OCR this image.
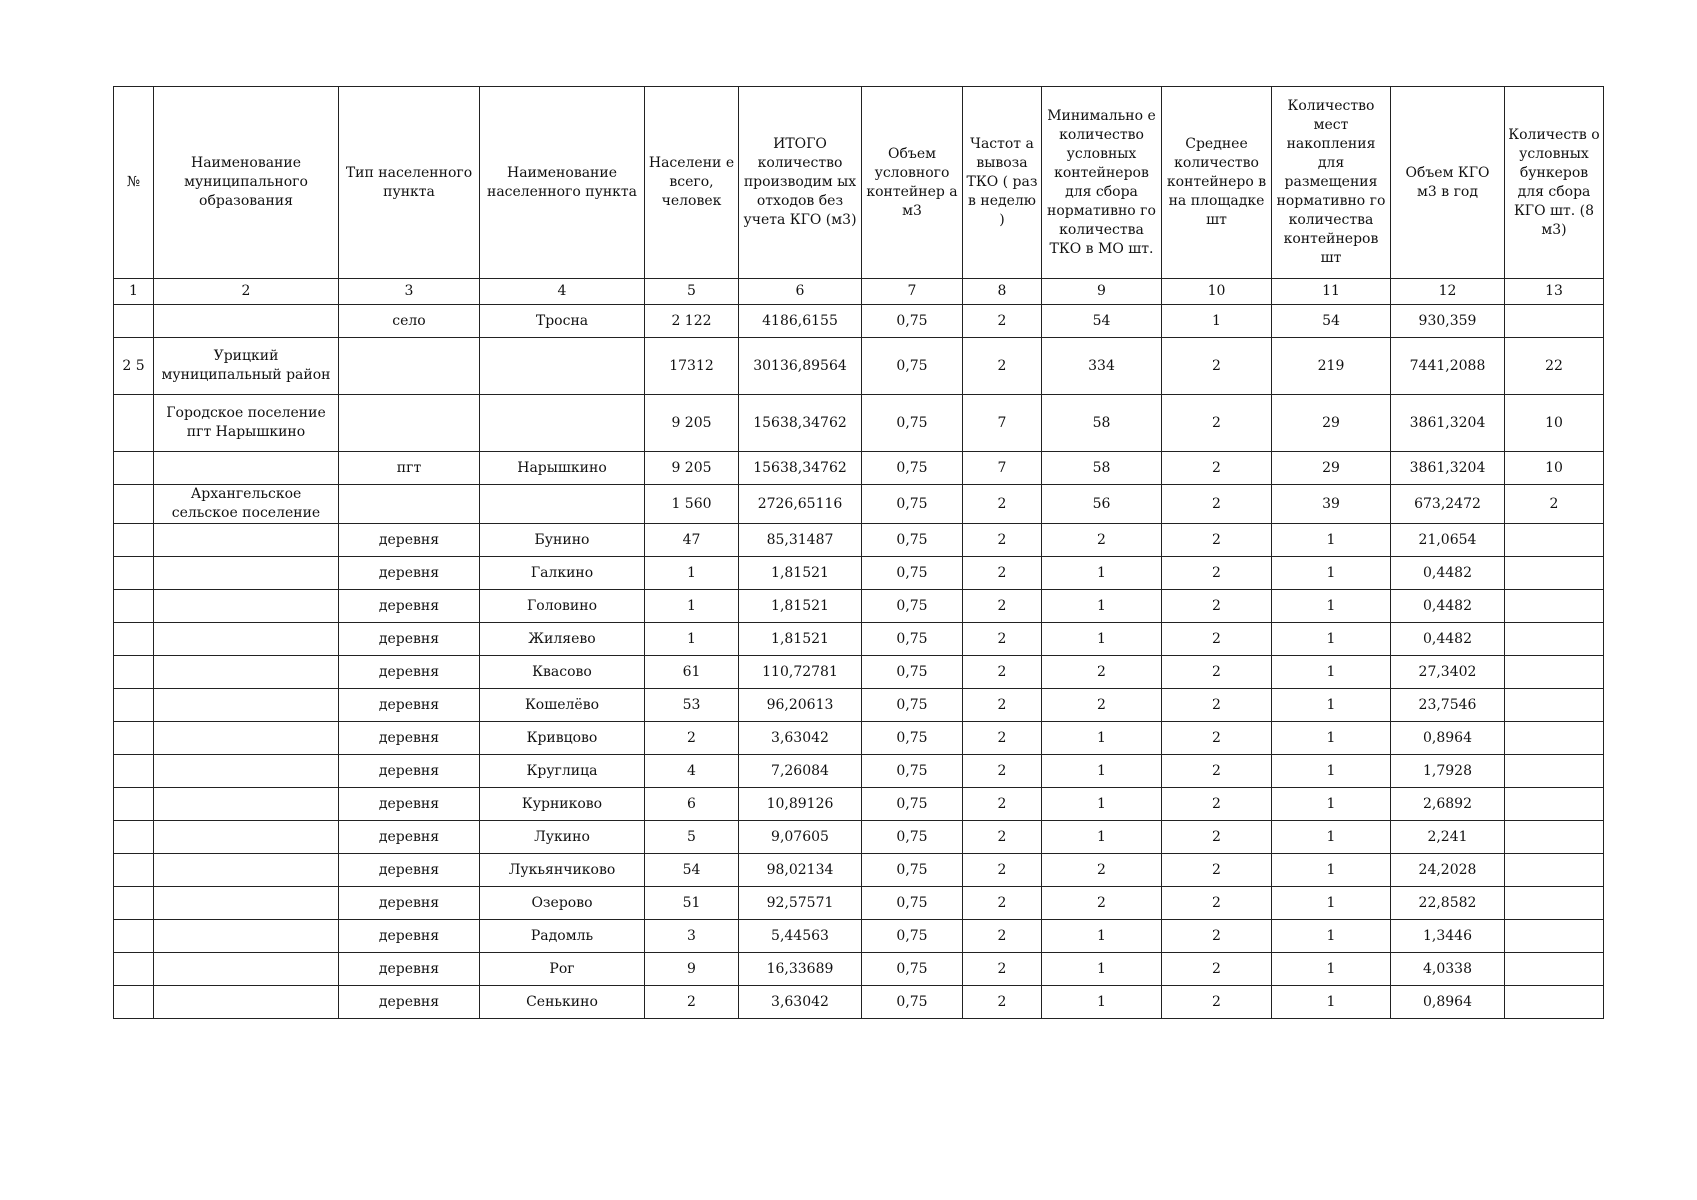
№	Наименование муниципального образования	Тип населенного пункта	Наименование населенного пункта	Населени е всего, человек	ИТОГО количество производим ых отходов без учета КГО (м3)	Объем условного контейнер а м3	Частот а вывоза ТКО ( раз в неделю )	Минимально е количество условных контейнеров для сбора нормативно го количества ТКО в МО шт.	Среднее количество контейнеро в на площадке шт	Количество мест накопления для размещения нормативно го количества контейнеров шт	Объем КГО м3 в год	Количеств о условных бункеров для сбора КГО шт. (8 м3)
1	2	3	4	5	6	7	8	9	10	11	12	13
		село	Тросна	2 122	4186,6155	0,75	2	54	1	54	930,359	
2 5	Урицкий муниципальный район			17312	30136,89564	0,75	2	334	2	219	7441,2088	22
	Городское поселение пгт Нарышкино			9 205	15638,34762	0,75	7	58	2	29	3861,3204	10
		пгт	Нарышкино	9 205	15638,34762	0,75	7	58	2	29	3861,3204	10
	Архангельское сельское поселение			1 560	2726,65116	0,75	2	56	2	39	673,2472	2
		деревня	Бунино	47	85,31487	0,75	2	2	2	1	21,0654	
		деревня	Галкино	1	1,81521	0,75	2	1	2	1	0,4482	
		деревня	Головино	1	1,81521	0,75	2	1	2	1	0,4482	
		деревня	Жиляево	1	1,81521	0,75	2	1	2	1	0,4482	
		деревня	Квасово	61	110,72781	0,75	2	2	2	1	27,3402	
		деревня	Кошелёво	53	96,20613	0,75	2	2	2	1	23,7546	
		деревня	Кривцово	2	3,63042	0,75	2	1	2	1	0,8964	
		деревня	Круглица	4	7,26084	0,75	2	1	2	1	1,7928	
		деревня	Курниково	6	10,89126	0,75	2	1	2	1	2,6892	
		деревня	Лукино	5	9,07605	0,75	2	1	2	1	2,241	
		деревня	Лукьянчиково	54	98,02134	0,75	2	2	2	1	24,2028	
		деревня	Озерово	51	92,57571	0,75	2	2	2	1	22,8582	
		деревня	Радомль	3	5,44563	0,75	2	1	2	1	1,3446	
		деревня	Рог	9	16,33689	0,75	2	1	2	1	4,0338	
		деревня	Сенькино	2	3,63042	0,75	2	1	2	1	0,8964	
